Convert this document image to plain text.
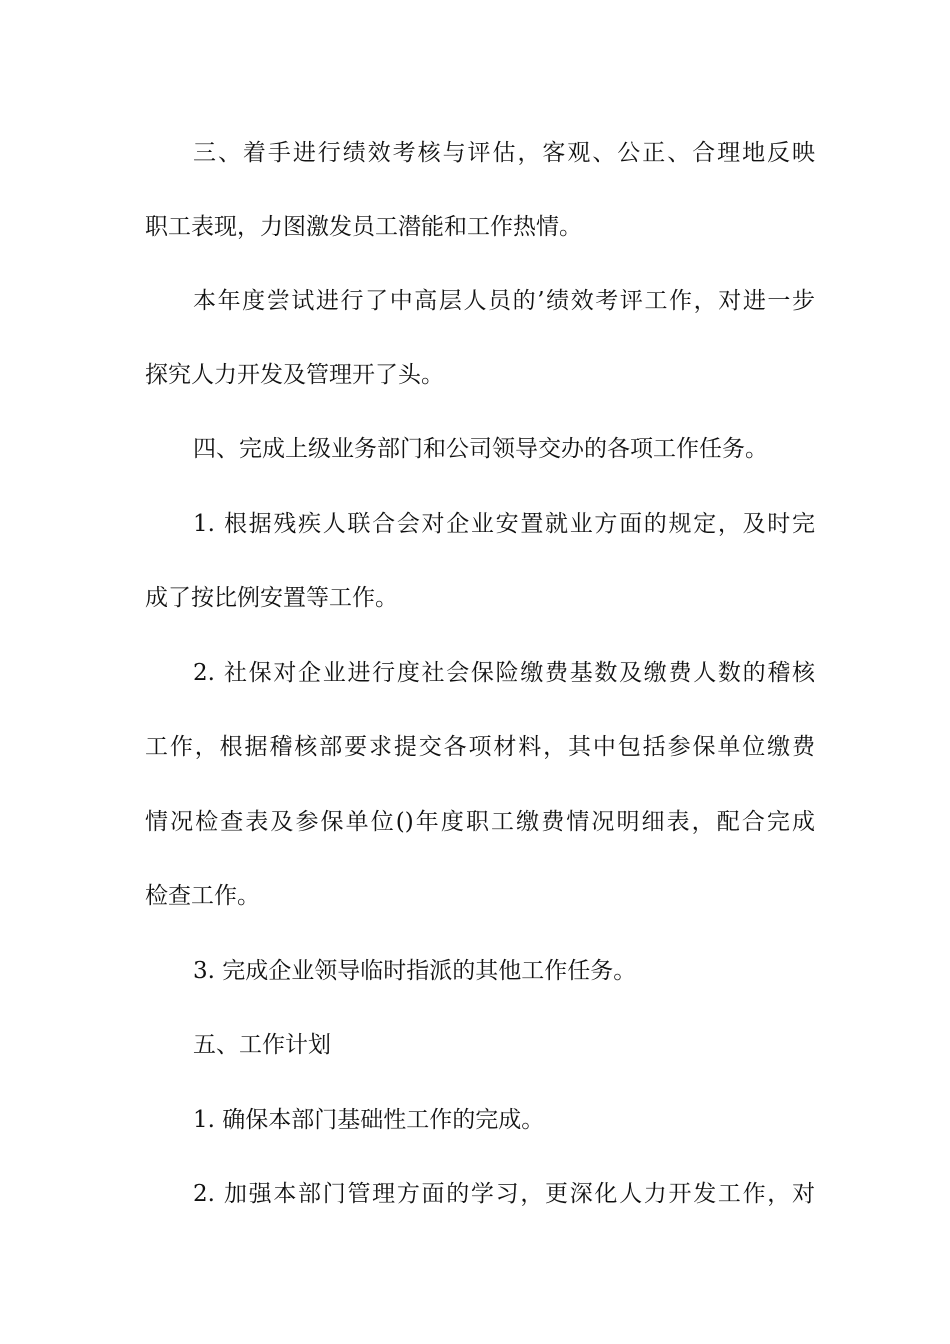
三、着手进行绩效考核与评估，客观、公正、合理地反映
职工表现，力图激发员工潜能和工作热情。
本年度尝试进行了中高层人员的’绩效考评工作，对进一步
探究人力开发及管理开了头。
四、完成上级业务部门和公司领导交办的各项工作任务。
1. 根据残疾人联合会对企业安置就业方面的规定，及时完
成了按比例安置等工作。
2. 社保对企业进行度社会保险缴费基数及缴费人数的稽核
工作，根据稽核部要求提交各项材料，其中包括参保单位缴费
情况检查表及参保单位()年度职工缴费情况明细表，配合完成
检查工作。
3. 完成企业领导临时指派的其他工作任务。
五、工作计划
1. 确保本部门基础性工作的完成。
2. 加强本部门管理方面的学习，更深化人力开发工作，对
